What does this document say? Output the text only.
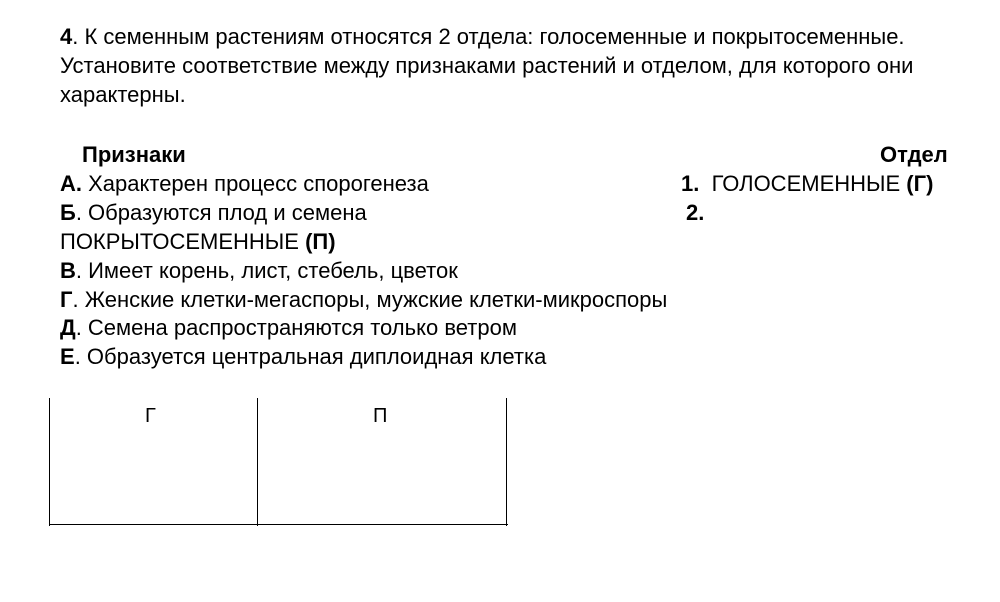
4. К семенным растениям относятся 2 отдела: голосеменные и покрытосеменные. Установите соответствие между признаками растений и отделом, для которого они характерны.
Признаки	Отдел
А. Характерен процесс спорогенеза
Б. Образуются плод и семена
1. ГОЛОСЕМЕННЫЕ (Г)
2.
ПОКРЫТОСЕМЕННЫЕ (П)
В. Имеет корень, лист, стебель, цветок
Г. Женские клетки-мегаспоры, мужские клетки-микроспоры
Д. Семена распространяются только ветром
Е. Образуется центральная диплоидная клетка
Г	П
